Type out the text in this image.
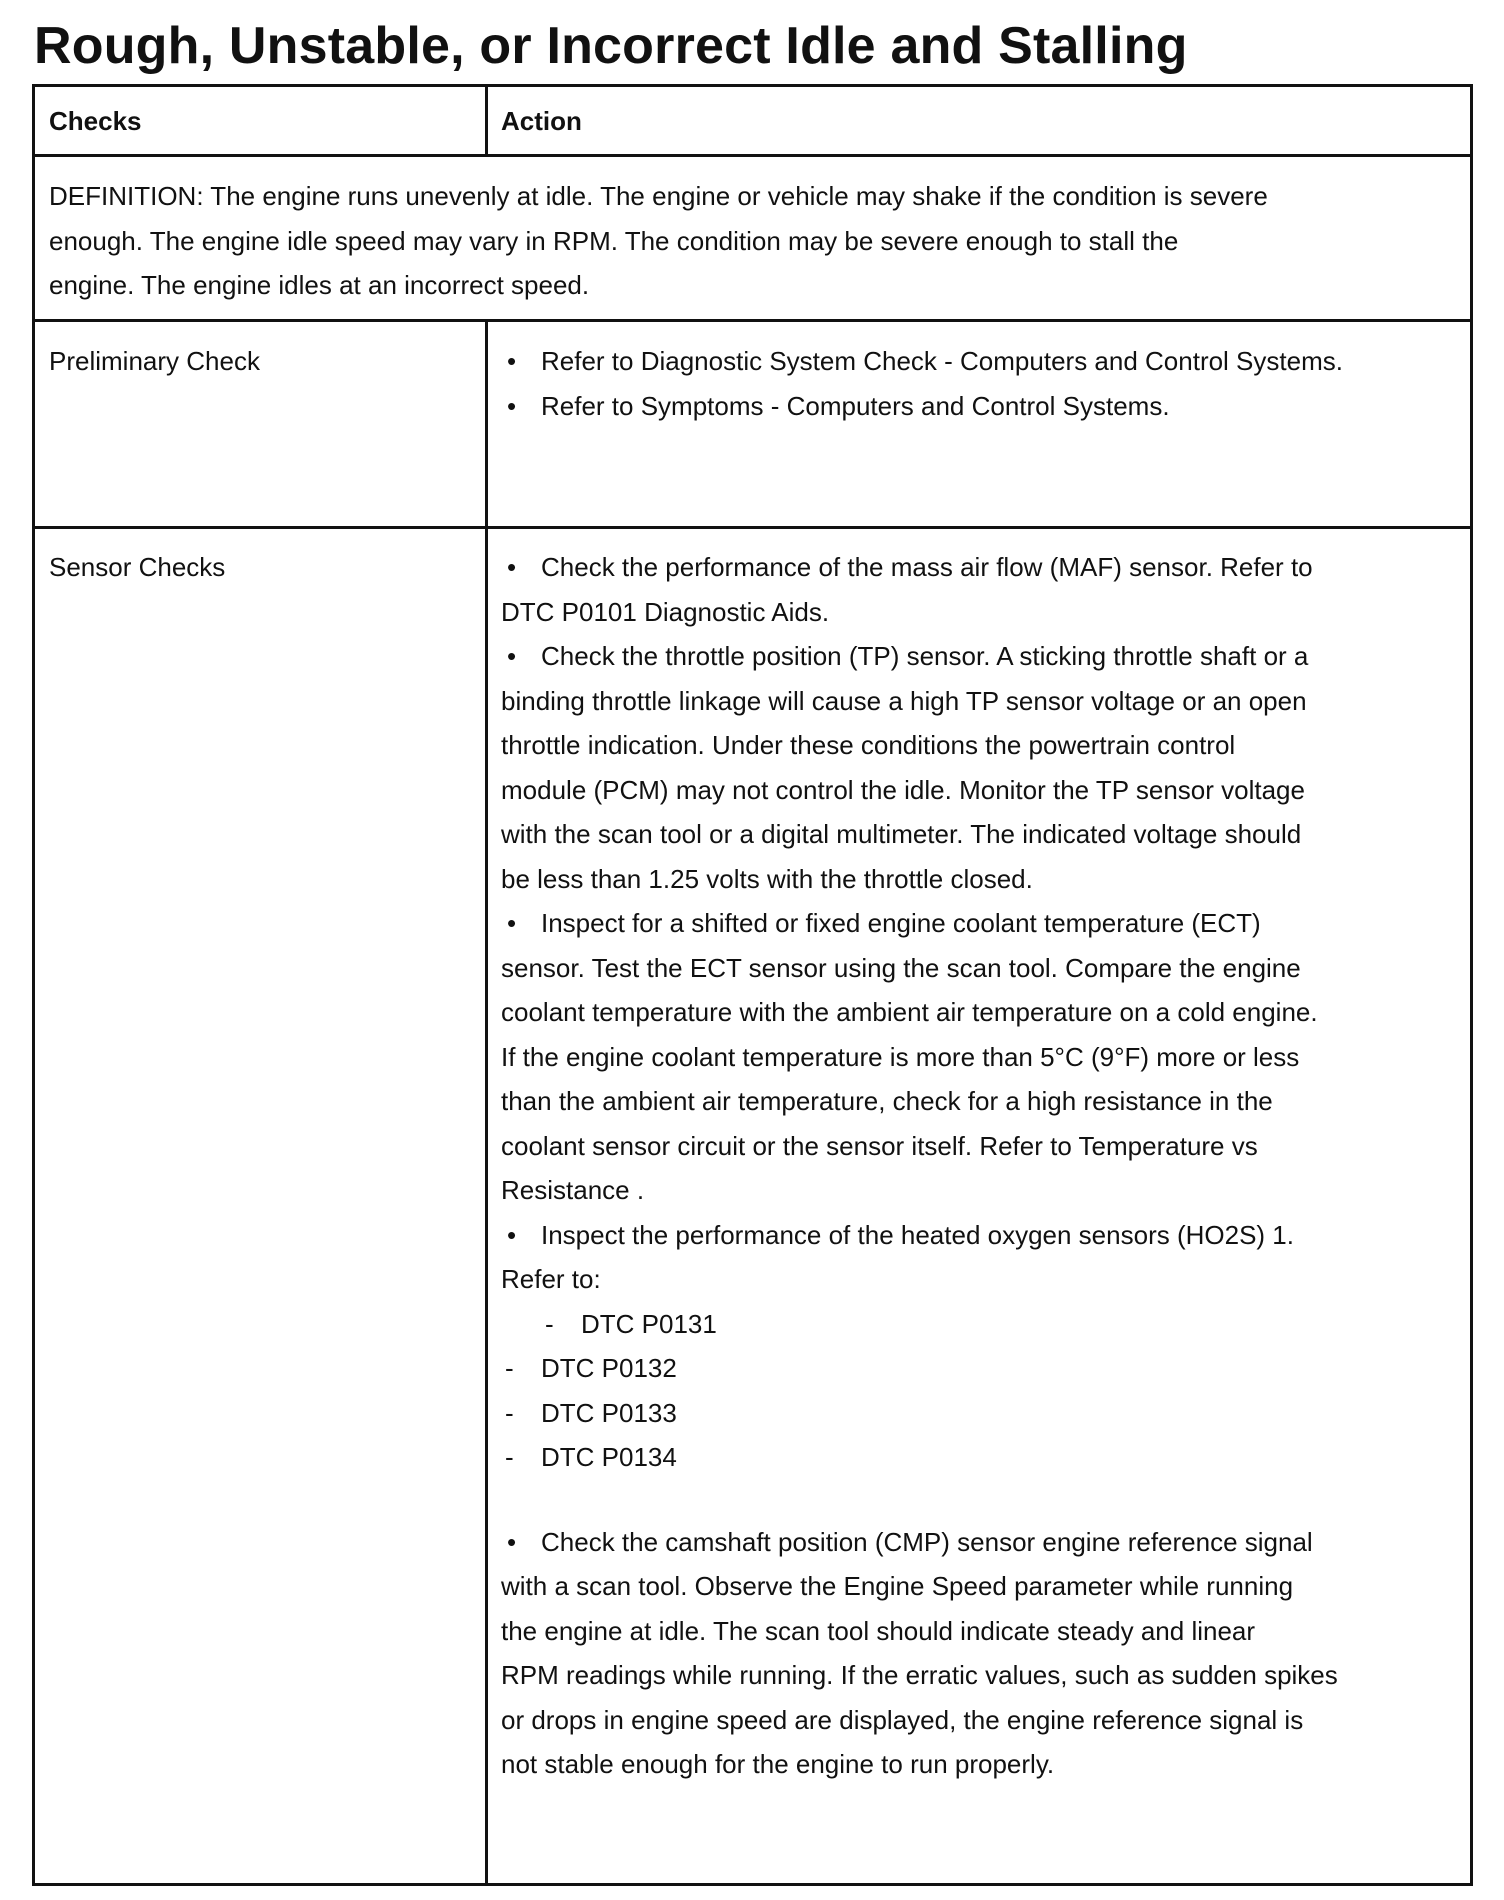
Rough, Unstable, or Incorrect Idle and Stalling
Checks	Action
DEFINITION: The engine runs unevenly at idle. The engine or vehicle may shake if the condition is severe
enough. The engine idle speed may vary in RPM. The condition may be severe enough to stall the
engine. The engine idles at an incorrect speed.
Preliminary Check	• Refer to Diagnostic System Check - Computers and Control Systems.
• Refer to Symptoms - Computers and Control Systems.
Sensor Checks	• Check the performance of the mass air flow (MAF) sensor. Refer to
DTC P0101 Diagnostic Aids.
• Check the throttle position (TP) sensor. A sticking throttle shaft or a
binding throttle linkage will cause a high TP sensor voltage or an open
throttle indication. Under these conditions the powertrain control
module (PCM) may not control the idle. Monitor the TP sensor voltage
with the scan tool or a digital multimeter. The indicated voltage should
be less than 1.25 volts with the throttle closed.
• Inspect for a shifted or fixed engine coolant temperature (ECT)
sensor. Test the ECT sensor using the scan tool. Compare the engine
coolant temperature with the ambient air temperature on a cold engine.
If the engine coolant temperature is more than 5°C (9°F) more or less
than the ambient air temperature, check for a high resistance in the
coolant sensor circuit or the sensor itself. Refer to Temperature vs
Resistance .
• Inspect the performance of the heated oxygen sensors (HO2S) 1.
Refer to:
- DTC P0131
- DTC P0132
- DTC P0133
- DTC P0134
• Check the camshaft position (CMP) sensor engine reference signal
with a scan tool. Observe the Engine Speed parameter while running
the engine at idle. The scan tool should indicate steady and linear
RPM readings while running. If the erratic values, such as sudden spikes
or drops in engine speed are displayed, the engine reference signal is
not stable enough for the engine to run properly.
